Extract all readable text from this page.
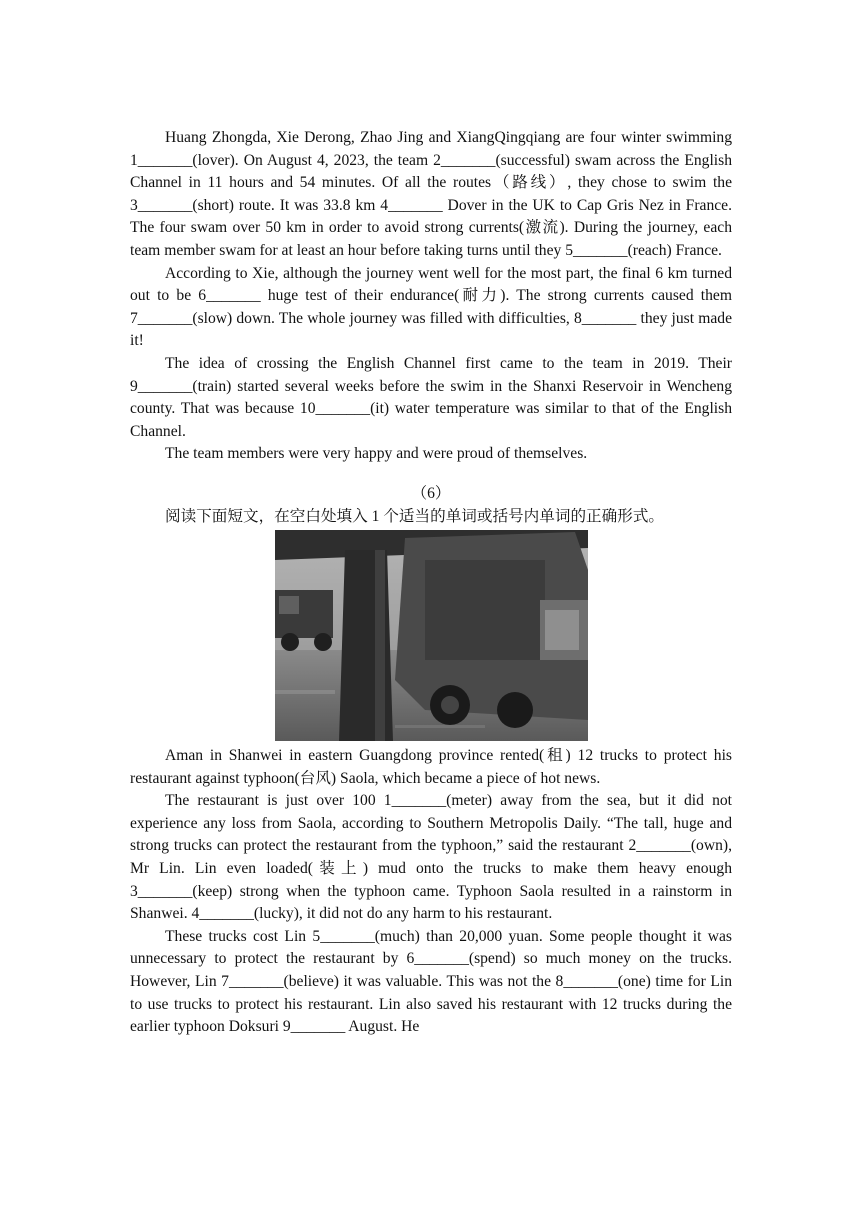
Huang Zhongda, Xie Derong, Zhao Jing and XiangQingqiang are four winter swimming 1_______(lover). On August 4, 2023, the team 2_______(successful) swam across the English Channel in 11 hours and 54 minutes. Of all the routes（路线）, they chose to swim the 3_______(short) route. It was 33.8 km 4_______ Dover in the UK to Cap Gris Nez in France. The four swam over 50 km in order to avoid strong currents(激流). During the journey, each team member swam for at least an hour before taking turns until they 5_______(reach) France.

According to Xie, although the journey went well for the most part, the final 6 km turned out to be 6_______ huge test of their endurance(耐力). The strong currents caused them 7_______(slow) down. The whole journey was filled with difficulties, 8_______ they just made it!

The idea of crossing the English Channel first came to the team in 2019. Their 9_______(train) started several weeks before the swim in the Shanxi Reservoir in Wencheng county. That was because 10_______(it) water temperature was similar to that of the English Channel.

The team members were very happy and were proud of themselves.

（6）

阅读下面短文，在空白处填入 1 个适当的单词或括号内单词的正确形式。

Aman in Shanwei in eastern Guangdong province rented(租) 12 trucks to protect his restaurant against typhoon(台风) Saola, which became a piece of hot news.

The restaurant is just over 100 1_______(meter) away from the sea, but it did not experience any loss from Saola, according to Southern Metropolis Daily. “The tall, huge and strong trucks can protect the restaurant from the typhoon,” said the restaurant 2_______(own), Mr Lin. Lin even loaded(装上) mud onto the trucks to make them heavy enough 3_______(keep) strong when the typhoon came. Typhoon Saola resulted in a rainstorm in Shanwei. 4_______(lucky), it did not do any harm to his restaurant.

These trucks cost Lin 5_______(much) than 20,000 yuan. Some people thought it was unnecessary to protect the restaurant by 6_______(spend) so much money on the trucks. However, Lin 7_______(believe) it was valuable. This was not the 8_______(one) time for Lin to use trucks to protect his restaurant. Lin also saved his restaurant with 12 trucks during the earlier typhoon Doksuri 9_______ August. He
